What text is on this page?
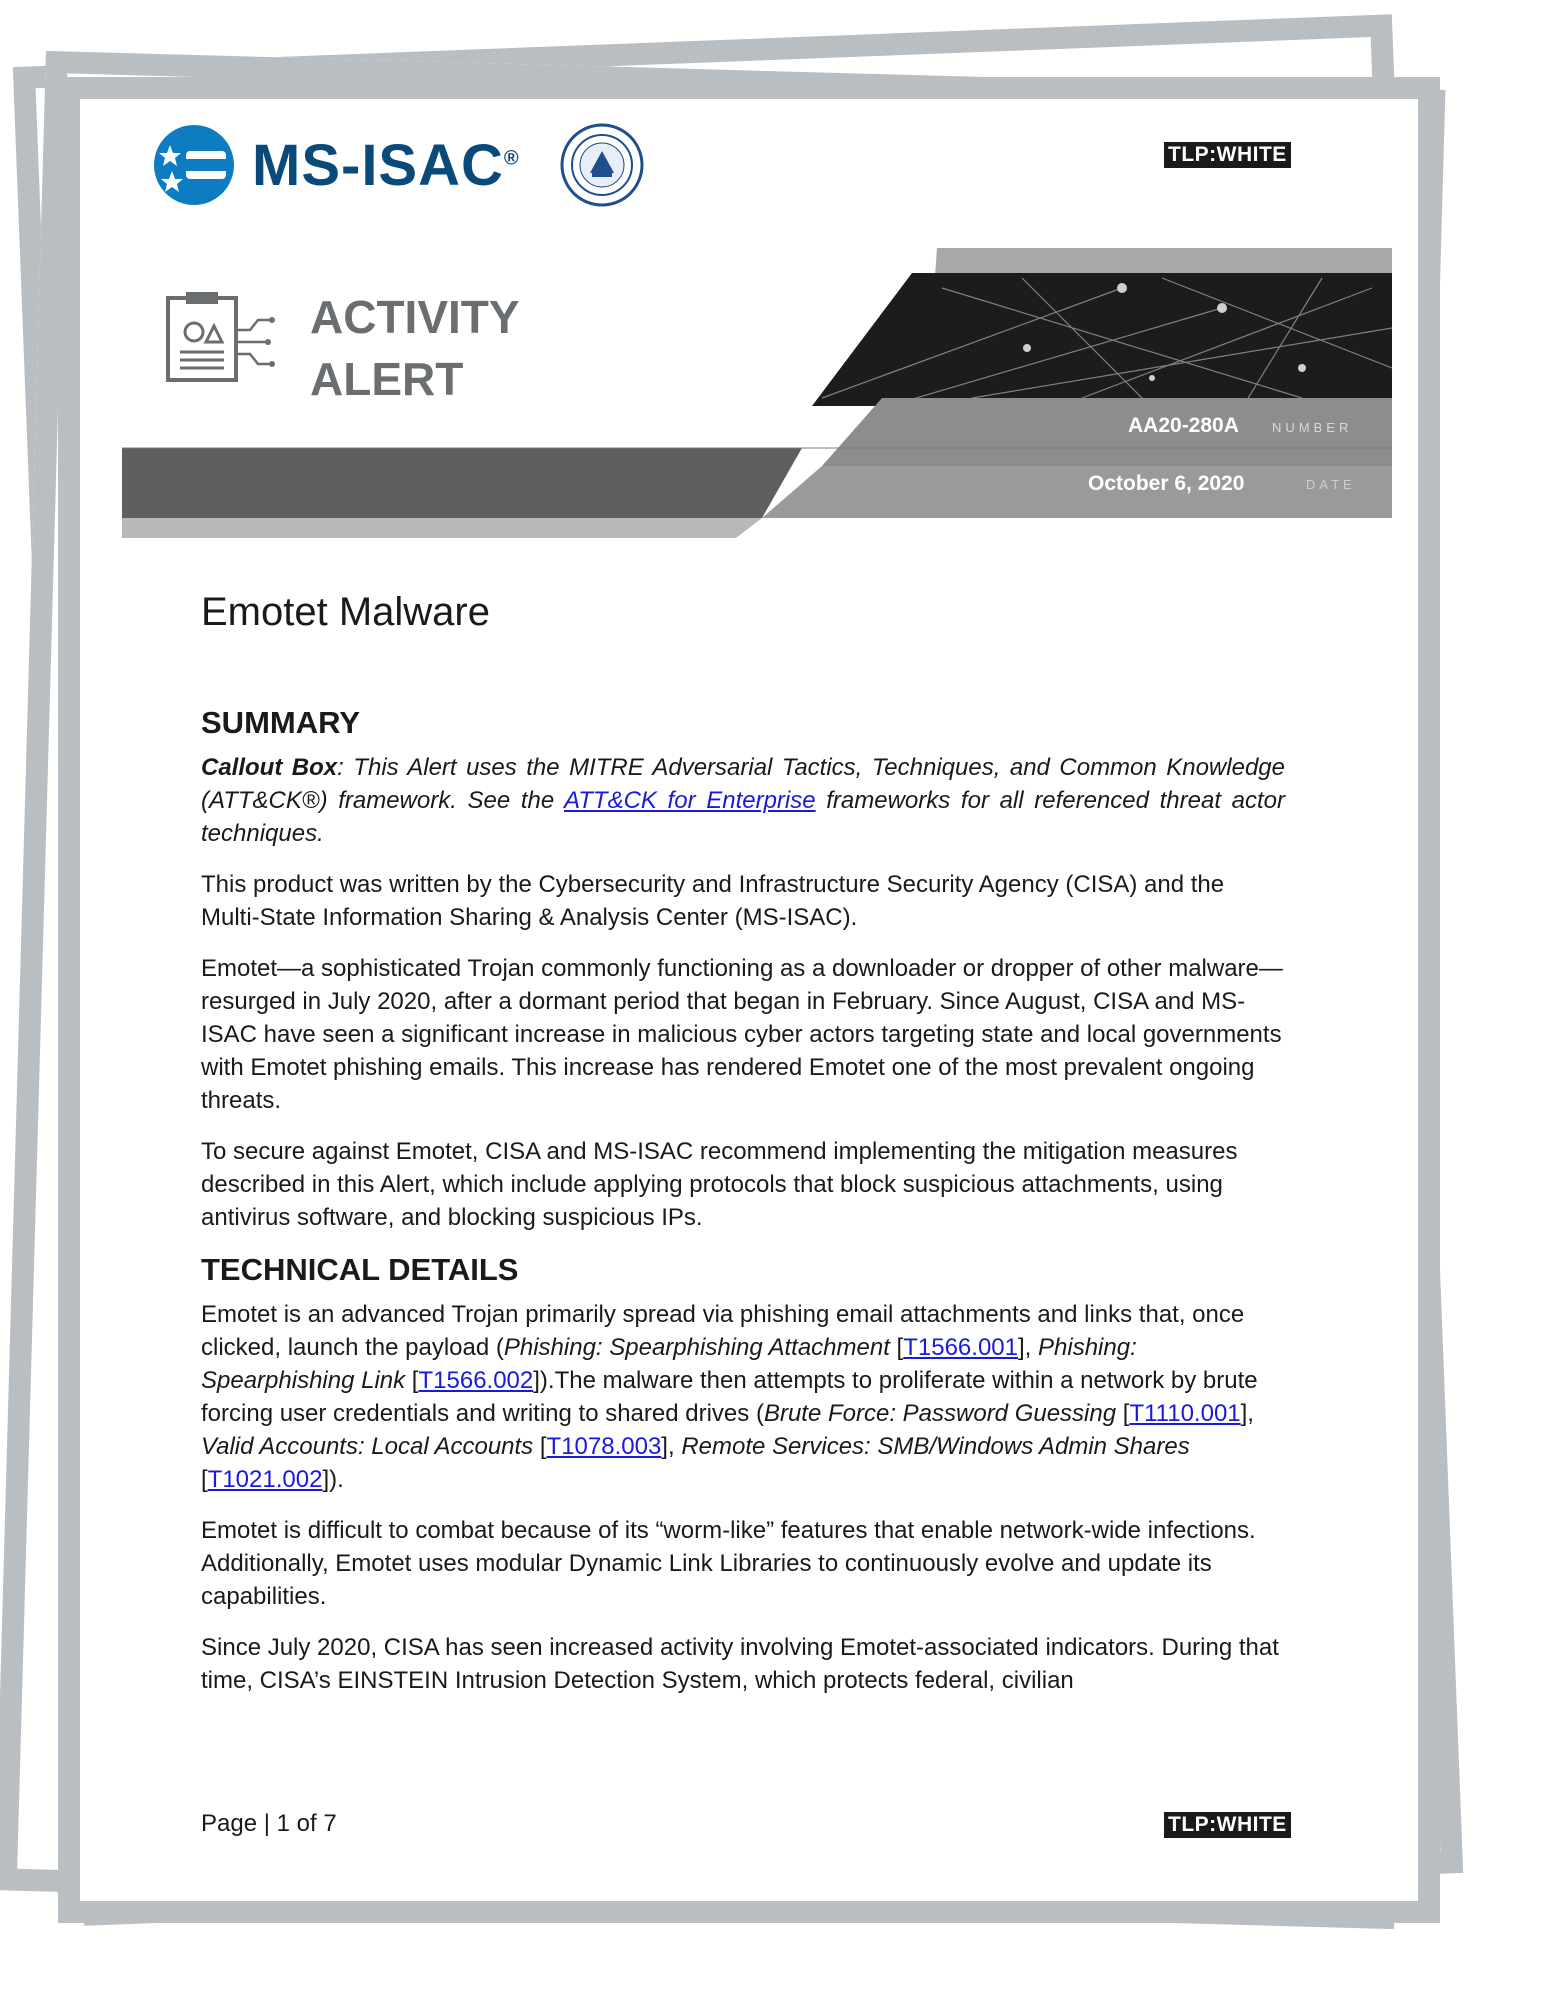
MS-ISAC®	TLP:WHITE
ACTIVITY
ALERT
AA20-280A	NUMBER
October 6, 2020	DATE
Emotet Malware
SUMMARY

Callout Box: This Alert uses the MITRE Adversarial Tactics, Techniques, and Common Knowledge (ATT&CK®) framework. See the ATT&CK for Enterprise frameworks for all referenced threat actor techniques.

This product was written by the Cybersecurity and Infrastructure Security Agency (CISA) and the Multi-State Information Sharing & Analysis Center (MS-ISAC).

Emotet—a sophisticated Trojan commonly functioning as a downloader or dropper of other malware—resurged in July 2020, after a dormant period that began in February. Since August, CISA and MS-ISAC have seen a significant increase in malicious cyber actors targeting state and local governments with Emotet phishing emails. This increase has rendered Emotet one of the most prevalent ongoing threats.

To secure against Emotet, CISA and MS-ISAC recommend implementing the mitigation measures described in this Alert, which include applying protocols that block suspicious attachments, using antivirus software, and blocking suspicious IPs.

TECHNICAL DETAILS

Emotet is an advanced Trojan primarily spread via phishing email attachments and links that, once clicked, launch the payload (Phishing: Spearphishing Attachment [T1566.001], Phishing: Spearphishing Link [T1566.002]).The malware then attempts to proliferate within a network by brute forcing user credentials and writing to shared drives (Brute Force: Password Guessing [T1110.001], Valid Accounts: Local Accounts [T1078.003], Remote Services: SMB/Windows Admin Shares [T1021.002]).

Emotet is difficult to combat because of its “worm-like” features that enable network-wide infections. Additionally, Emotet uses modular Dynamic Link Libraries to continuously evolve and update its capabilities.

Since July 2020, CISA has seen increased activity involving Emotet-associated indicators. During that time, CISA’s EINSTEIN Intrusion Detection System, which protects federal, civilian

Page | 1 of 7	TLP:WHITE
